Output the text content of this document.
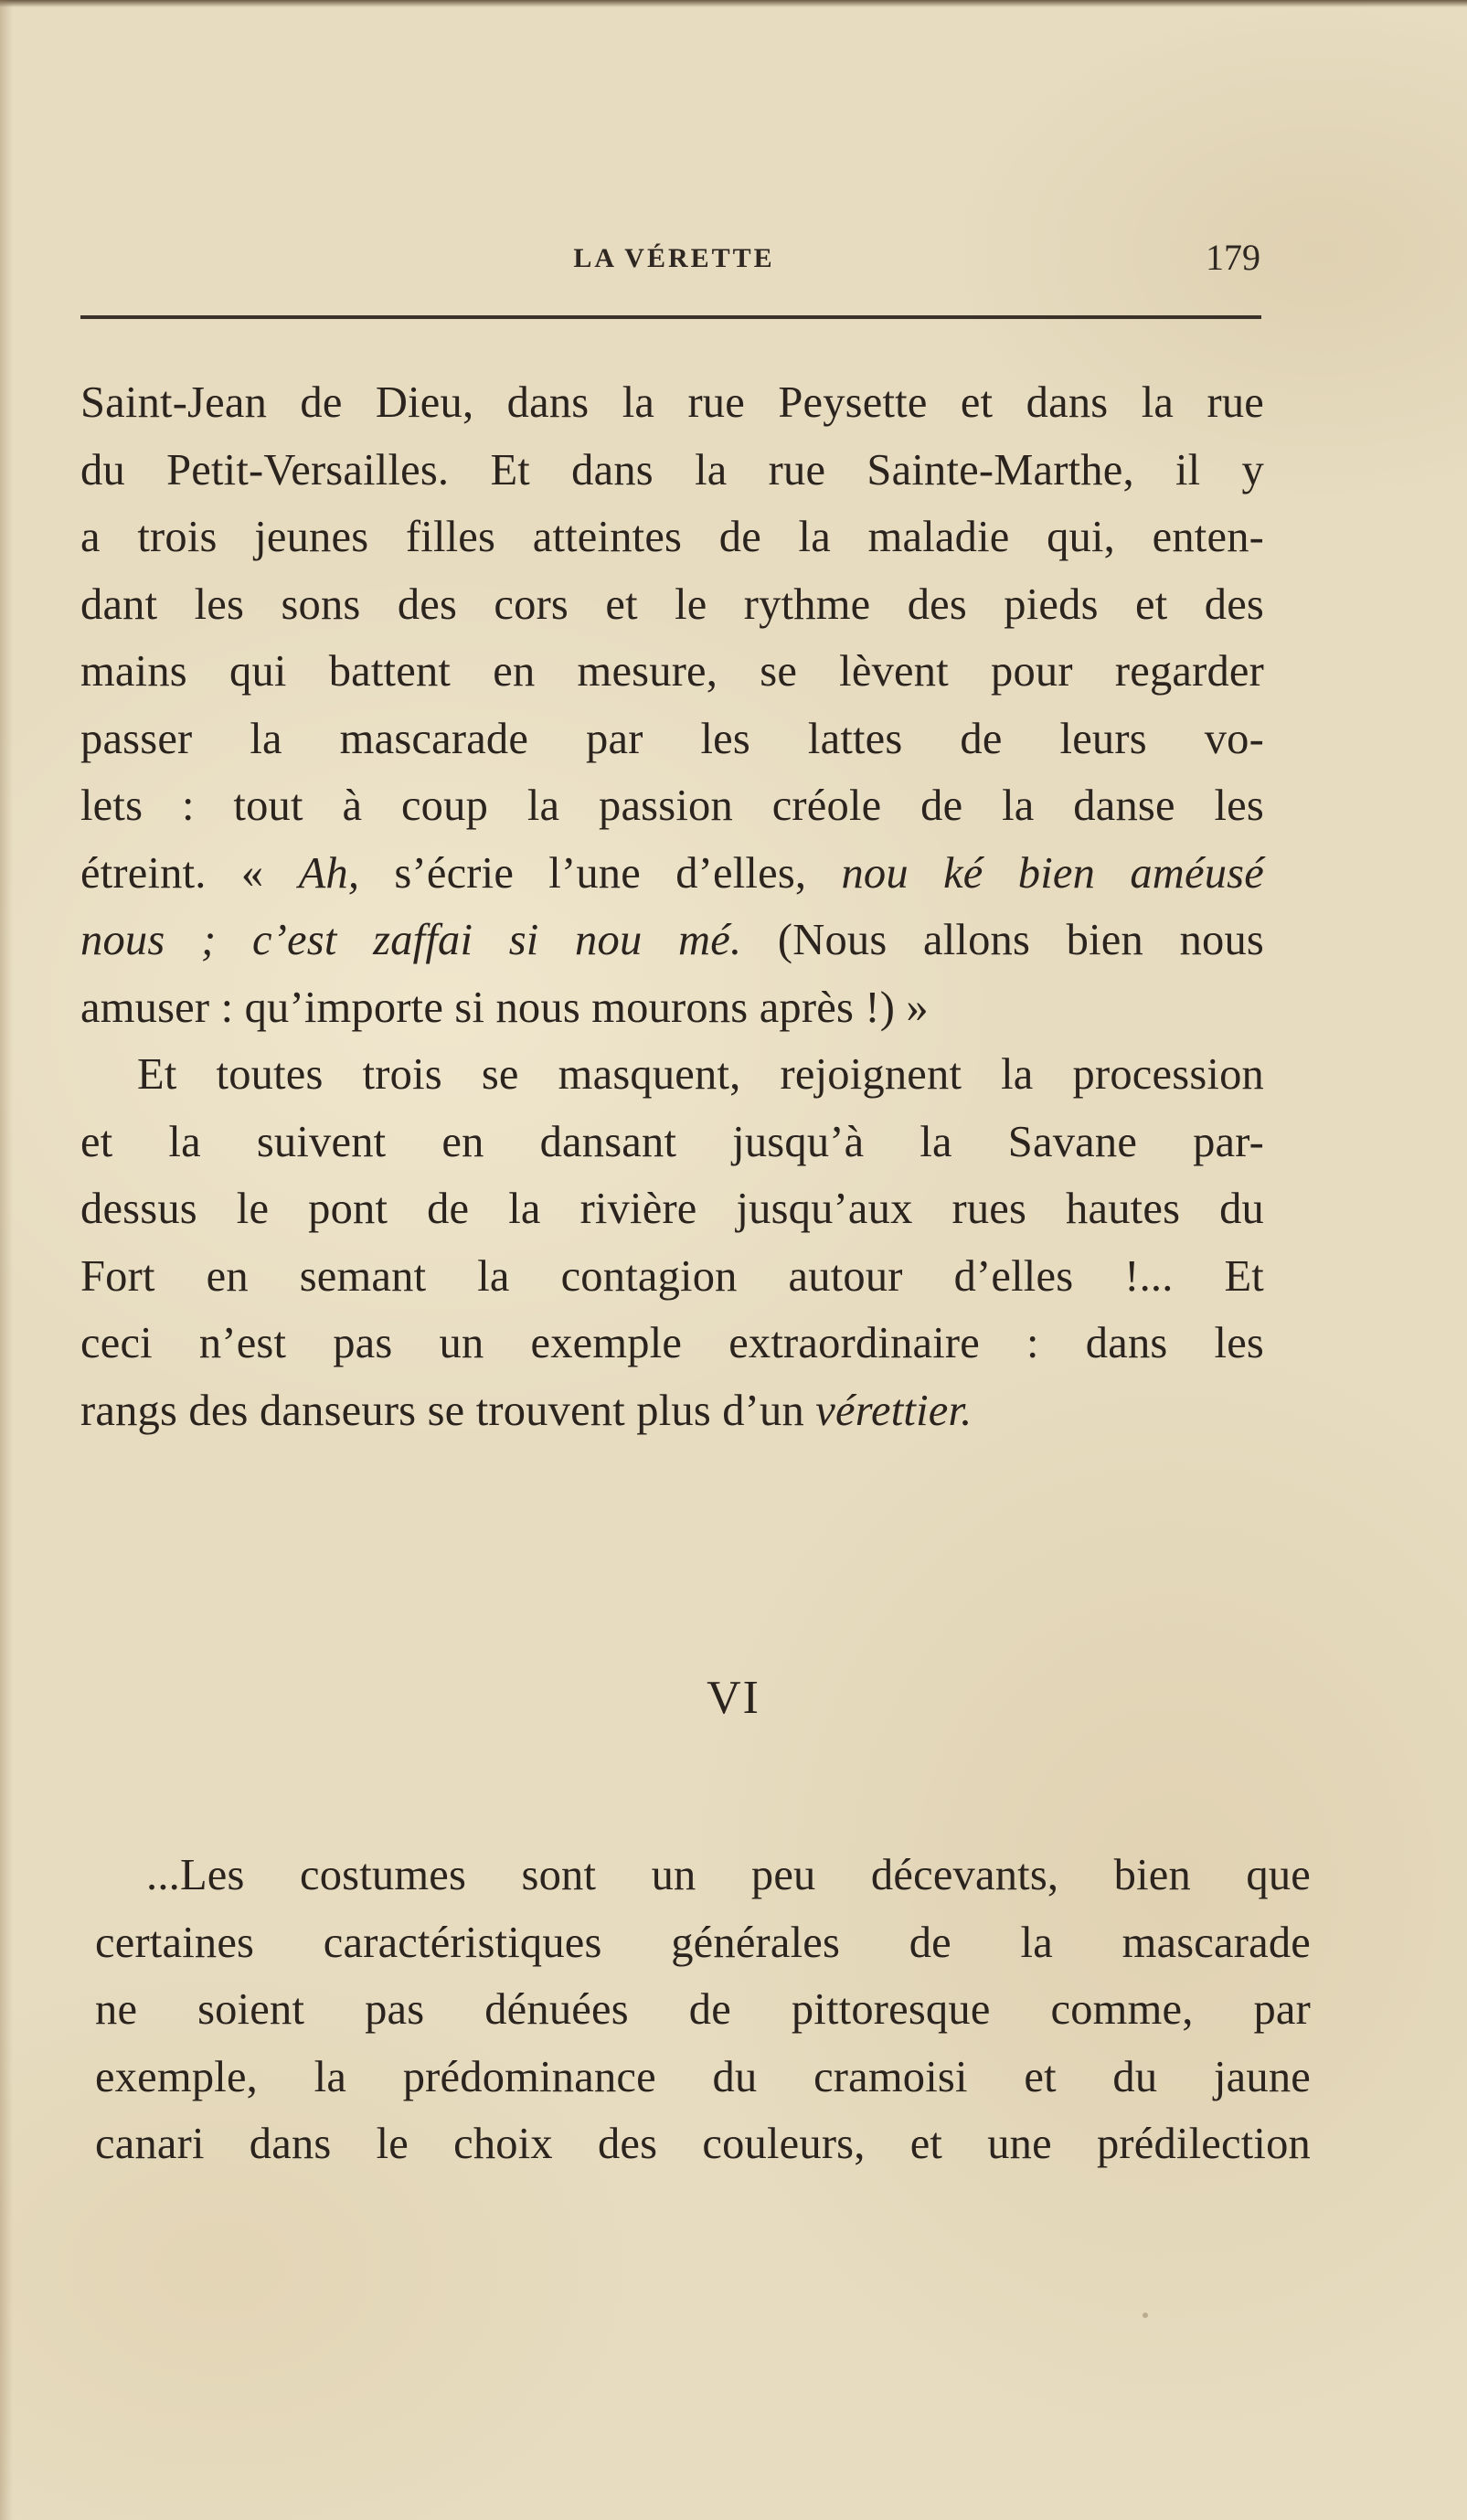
LA VÉRETTE	179

Saint-Jean de Dieu, dans la rue Peysette et dans la rue

du Petit-Versailles. Et dans la rue Sainte-Marthe, il y

a trois jeunes filles atteintes de la maladie qui, enten-

dant les sons des cors et le rythme des pieds et des

mains qui battent en mesure, se lèvent pour regarder

passer la mascarade par les lattes de leurs vo-

lets : tout à coup la passion créole de la danse les

étreint. « Ah, s’écrie l’une d’elles, nou ké bien améusé

nous ; c’est zaffai si nou mé. (Nous allons bien nous

amuser : qu’importe si nous mourons après !) »

Et toutes trois se masquent, rejoignent la procession

et la suivent en dansant jusqu’à la Savane par-

dessus le pont de la rivière jusqu’aux rues hautes du

Fort en semant la contagion autour d’elles !... Et

ceci n’est pas un exemple extraordinaire : dans les

rangs des danseurs se trouvent plus d’un vérettier.

VI

...Les costumes sont un peu décevants, bien que

certaines caractéristiques générales de la mascarade

ne soient pas dénuées de pittoresque comme, par

exemple, la prédominance du cramoisi et du jaune

canari dans le choix des couleurs, et une prédilection
